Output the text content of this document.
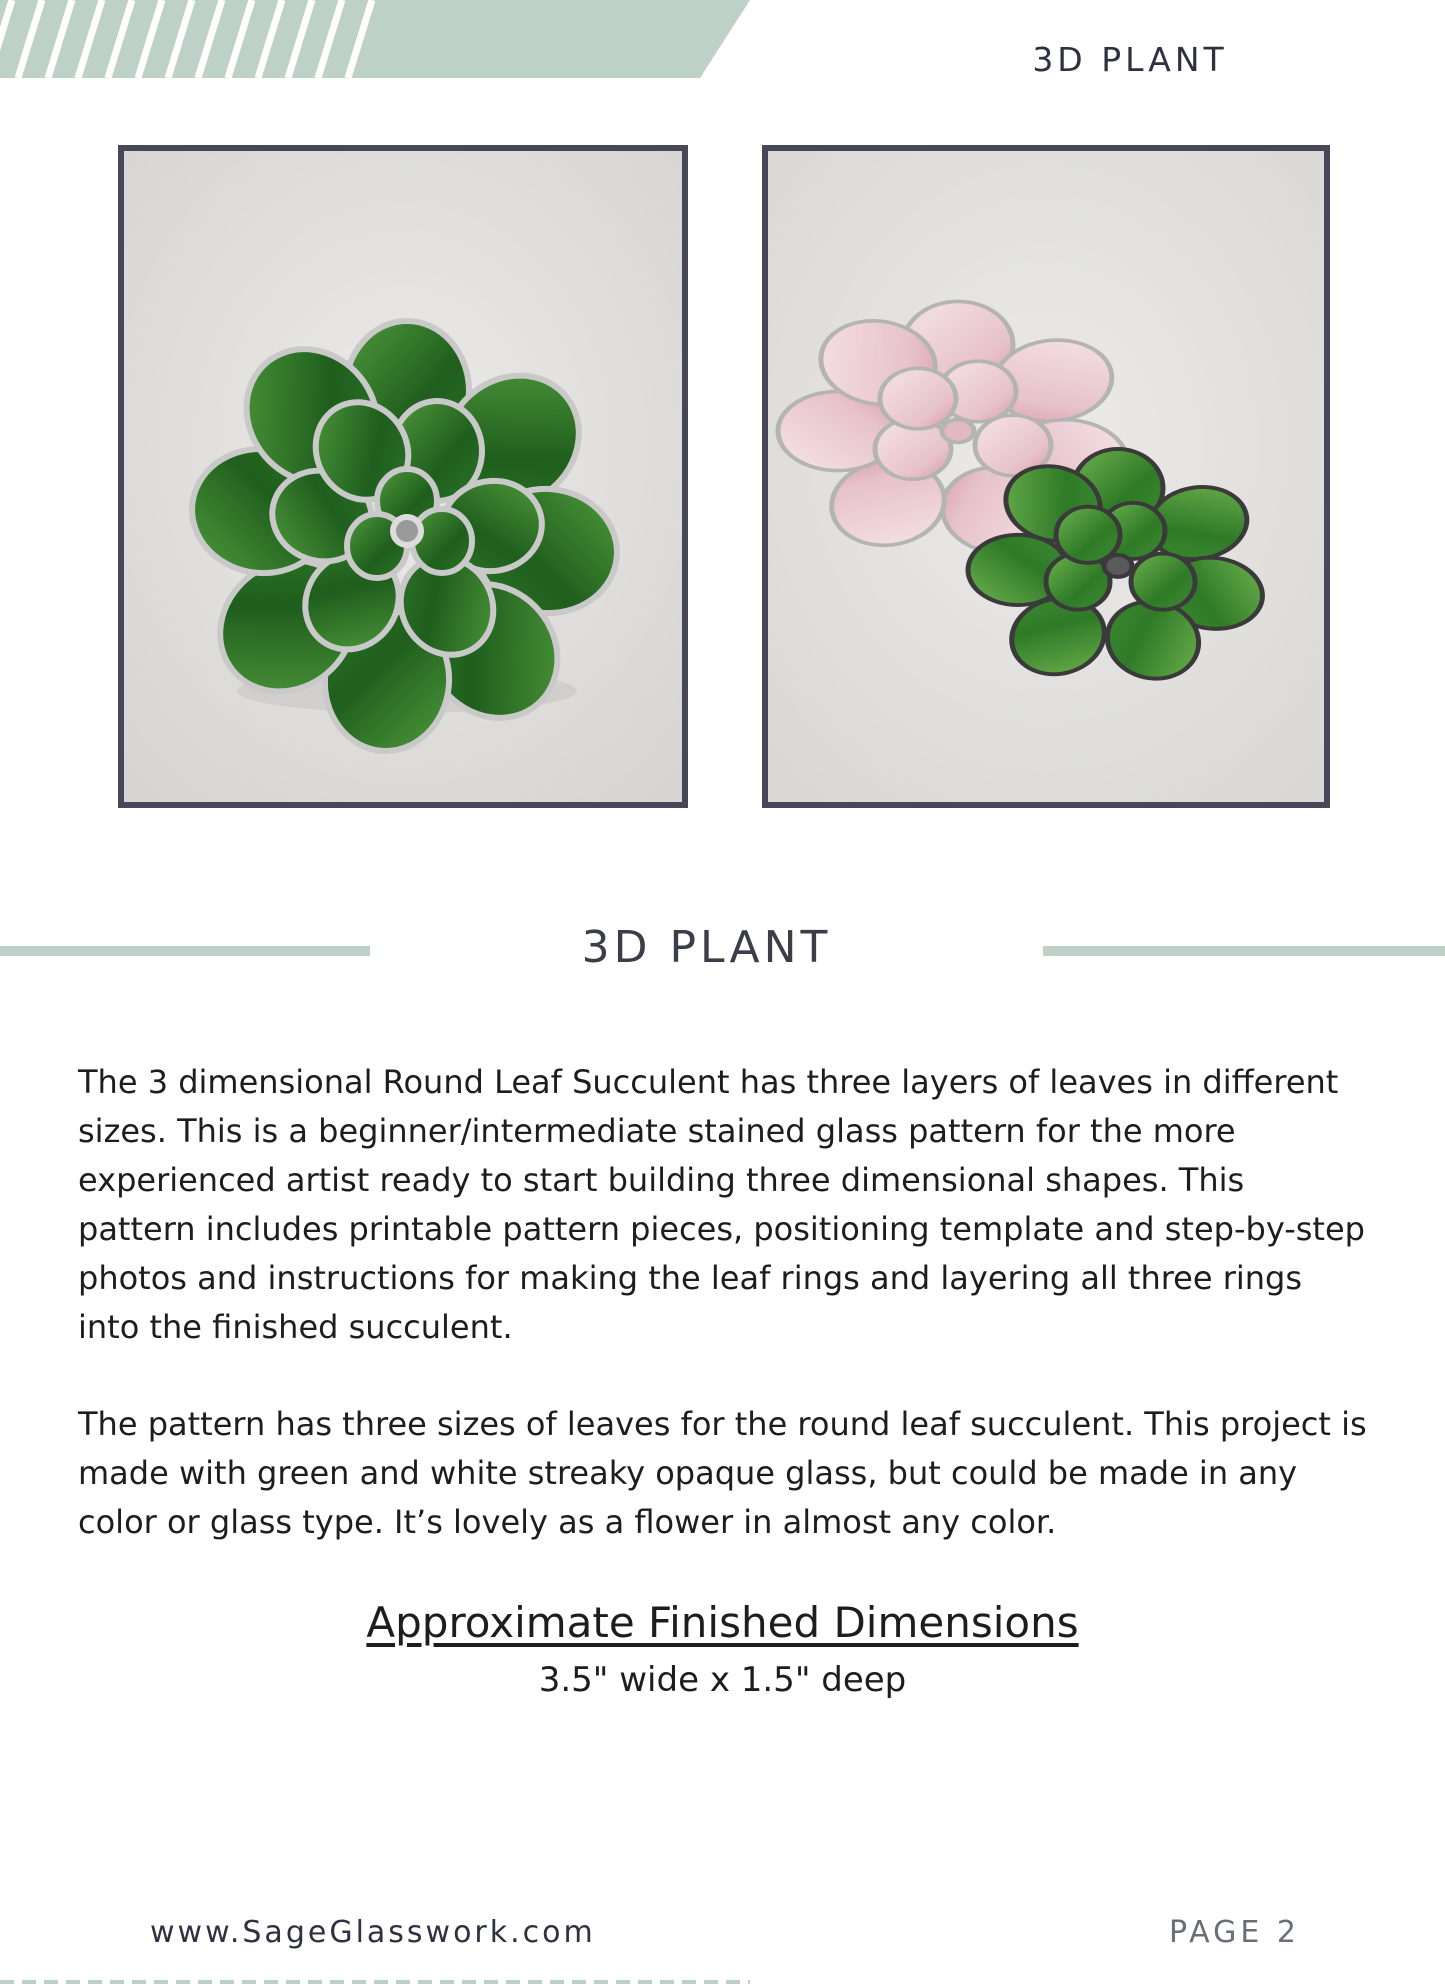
3D PLANT
3D PLANT

The 3 dimensional Round Leaf Succulent has three layers of leaves in different sizes. This is a beginner/intermediate stained glass pattern for the more experienced artist ready to start building three dimensional shapes. This pattern includes printable pattern pieces, positioning template and step-by-step photos and instructions for making the leaf rings and layering all three rings into the finished succulent.

The pattern has three sizes of leaves for the round leaf succulent. This project is made with green and white streaky opaque glass, but could be made in any color or glass type. It’s lovely as a flower in almost any color.

Approximate Finished Dimensions
3.5" wide x 1.5" deep
www.SageGlasswork.com	PAGE 2
